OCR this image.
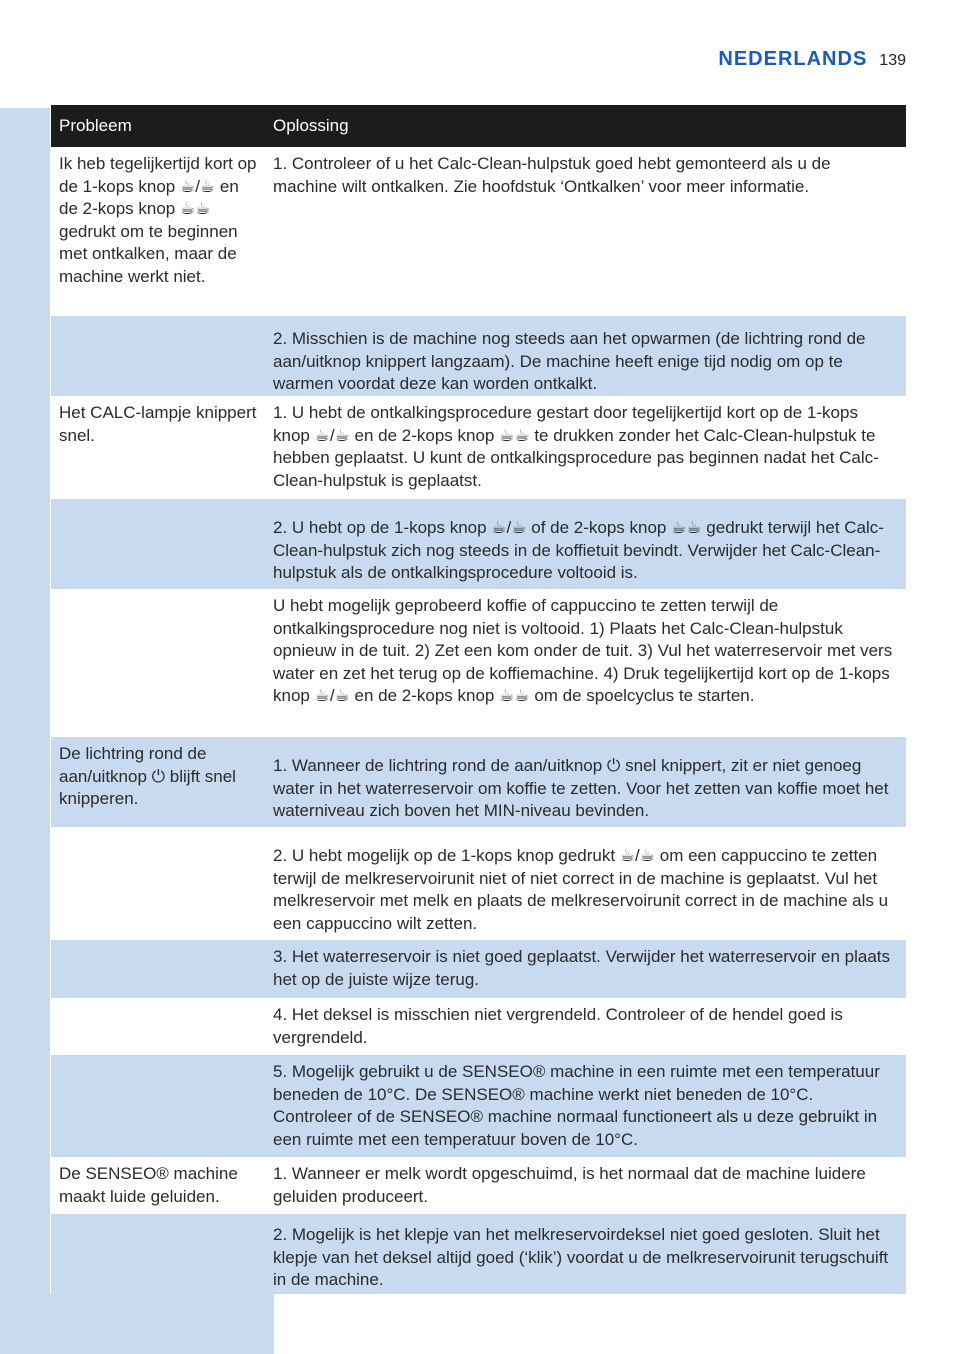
NEDERLANDS 139
Probleem	Oplossing
Ik heb tegelijkertijd kort op de 1-kops knop ☕/☕ en de 2-kops knop ☕☕ gedrukt om te beginnen met ontkalken, maar de machine werkt niet.
1. Controleer of u het Calc-Clean-hulpstuk goed hebt gemonteerd als u de machine wilt ontkalken. Zie hoofdstuk ‘Ontkalken’ voor meer informatie.
2. Misschien is de machine nog steeds aan het opwarmen (de lichtring rond de aan/uitknop knippert langzaam). De machine heeft enige tijd nodig om op te warmen voordat deze kan worden ontkalkt.
Het CALC-lampje knippert snel.
1. U hebt de ontkalkingsprocedure gestart door tegelijkertijd kort op de 1-kops knop ☕/☕ en de 2-kops knop ☕☕ te drukken zonder het Calc-Clean-hulpstuk te hebben geplaatst. U kunt de ontkalkingsprocedure pas beginnen nadat het Calc-Clean-hulpstuk is geplaatst.
2. U hebt op de 1-kops knop ☕/☕ of de 2-kops knop ☕☕ gedrukt terwijl het Calc-Clean-hulpstuk zich nog steeds in de koffietuit bevindt. Verwijder het Calc-Clean-hulpstuk als de ontkalkingsprocedure voltooid is.
U hebt mogelijk geprobeerd koffie of cappuccino te zetten terwijl de ontkalkingsprocedure nog niet is voltooid. 1) Plaats het Calc-Clean-hulpstuk opnieuw in de tuit. 2) Zet een kom onder de tuit. 3) Vul het waterreservoir met vers water en zet het terug op de koffiemachine. 4) Druk tegelijkertijd kort op de 1-kops knop ☕/☕ en de 2-kops knop ☕☕ om de spoelcyclus te starten.
De lichtring rond de aan/uitknop ⏻ blijft snel knipperen.
1. Wanneer de lichtring rond de aan/uitknop ⏻ snel knippert, zit er niet genoeg water in het waterreservoir om koffie te zetten. Voor het zetten van koffie moet het waterniveau zich boven het MIN-niveau bevinden.
2. U hebt mogelijk op de 1-kops knop gedrukt ☕/☕ om een cappuccino te zetten terwijl de melkreservoirunit niet of niet correct in de machine is geplaatst. Vul het melkreservoir met melk en plaats de melkreservoirunit correct in de machine als u een cappuccino wilt zetten.
3. Het waterreservoir is niet goed geplaatst. Verwijder het waterreservoir en plaats het op de juiste wijze terug.
4. Het deksel is misschien niet vergrendeld. Controleer of de hendel goed is vergrendeld.
5. Mogelijk gebruikt u de SENSEO® machine in een ruimte met een temperatuur beneden de 10°C. De SENSEO® machine werkt niet beneden de 10°C. Controleer of de SENSEO® machine normaal functioneert als u deze gebruikt in een ruimte met een temperatuur boven de 10°C.
De SENSEO® machine maakt luide geluiden.
1. Wanneer er melk wordt opgeschuimd, is het normaal dat de machine luidere geluiden produceert.
2. Mogelijk is het klepje van het melkreservoirdeksel niet goed gesloten. Sluit het klepje van het deksel altijd goed (‘klik’) voordat u de melkreservoirunit terugschuift in de machine.
